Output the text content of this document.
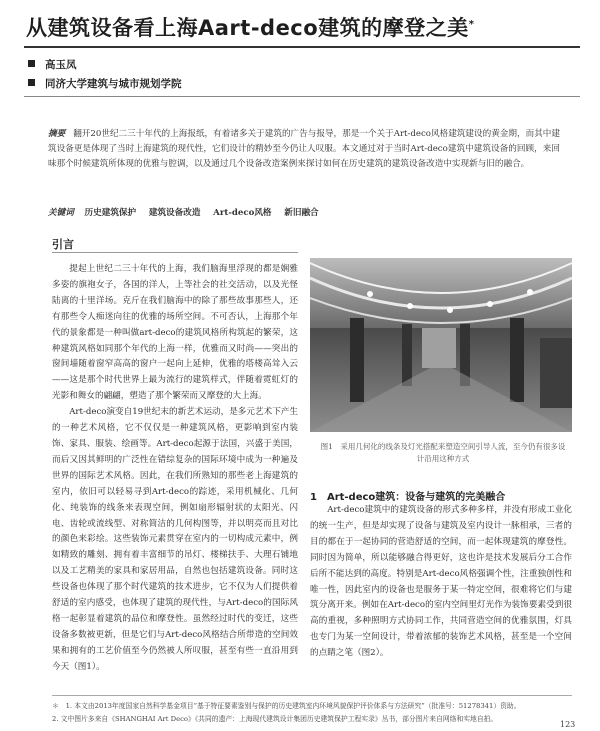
从建筑设备看上海Aart-deco建筑的摩登之美*
高玉凤
同济大学建筑与城市规划学院
摘要 翻开20世纪二三十年代的上海报纸，有着诸多关于建筑的广告与报导，那是一个关于Art-deco风格建筑建设的黄金期，而其中建筑设备更是体现了当时上海建筑的现代性，它们设计的精妙至今仍让人叹服。本文通过对于当时Art-deco建筑中建筑设备的回顾，来回味那个时候建筑所体现的优雅与腔调，以及通过几个设备改造案例来探讨如何在历史建筑的建筑设备改造中实现新与旧的融合。
关键词 历史建筑保护 建筑设备改造 Art-deco风格 新旧融合
引言

提起上世纪二三十年代的上海，我们脑海里浮现的都是娴雅多姿的旗袍女子，各国的洋人，上等社会的社交活动，以及光怪陆离的十里洋场。克斤在我们脑海中的除了那些故事那些人，还有那些令人痴迷向往的优雅的场所空间。不可否认，上海那个年代的景象都是一种叫做art-deco的建筑风格所构筑起的繁荣，这种建筑风格如同那个年代的上海一样，优雅而又时尚——突出的窗间墙随着窗窄高高的窗户一起向上延伸，优雅的塔楼高耸入云——这是那个时代世界上最为流行的建筑样式，伴随着霓虹灯的光影和舞女的翩翩，塑造了那个繁荣而又摩登的大上海。

Art-deco演变自19世纪末的新艺术运动，是多元艺术下产生的一种艺术风格，它不仅仅是一种建筑风格，更影响到室内装饰、家具、服装、绘画等。Art-deco起源于法国，兴盛于美国，而后又因其鲜明的广泛性在错综复杂的国际环境中成为一种遍及世界的国际艺术风格。因此，在我们所熟知的那些老上海建筑的室内，依旧可以轻易寻到Art-deco的踪迹，采用机械化、几何化、纯装饰的线条来表现空间，例如扇形辐射状的太阳光、闪电、齿轮或流线型、对称简洁的几何构图等，并以明亮而且对比的颜色来彩绘。这些装饰元素贯穿在室内的一切构成元素中，例如精致的雕刻、拥有着丰富细节的吊灯、楼梯扶手、大理石铺地以及工艺精美的家具和家居用品，自然也包括建筑设备。同时这些设备也体现了那个时代建筑的技术进步，它不仅为人们提供着舒适的室内感受，也体现了建筑的现代性，与Art-deco的国际风格一起彰显着建筑的品位和摩登性。虽然经过时代的变迁，这些设备多数被更新，但是它们与Art-deco风格结合所带造的空间效果和拥有的工艺价值至今仍然被人所叹服，甚至有些一直沿用到今天（图1）。

图1　采用几何化的线条及灯光搭配来塑造空间引导人流，至今仍有很多设计沿用这种方式
1　Art-deco建筑：设备与建筑的完美融合

Art-deco建筑中的建筑设备的形式多种多样，并没有形成工业化的统一生产，但是却实现了设备与建筑及室内设计一脉相承，三者的目的都在于一起协同的营造舒适的空间，而一起体现建筑的摩登性。同时因为简单，所以能够融合得更好，这也许是技术发展后分工合作后所不能达到的高度。特别是Art-deco风格强调个性，注重独创性和唯一性，因此室内的设备也是服务于某一特定空间，很难将它们与建筑分离开来。例如在Art-deco的室内空间里灯光作为装饰要素受到很高的重视，多种照明方式协同工作，共同营造空间的优雅氛围，灯具也专门为某一空间设计，带着浓郁的装饰艺术风格，甚至是一个空间的点睛之笔（图2）。

＊　1. 本文由2013年度国家自然科学基金项目“基于特征要素鉴别与保护的历史建筑室内环境风貌保护评价体系与方法研究”（批准号：51278341）资助。
2. 文中图片多来自《SHANGHAI Art Deco》《共同的遗产：上海现代建筑设计集团历史建筑保护工程实录》丛书，部分图片来自网络和实地自拍。
123
